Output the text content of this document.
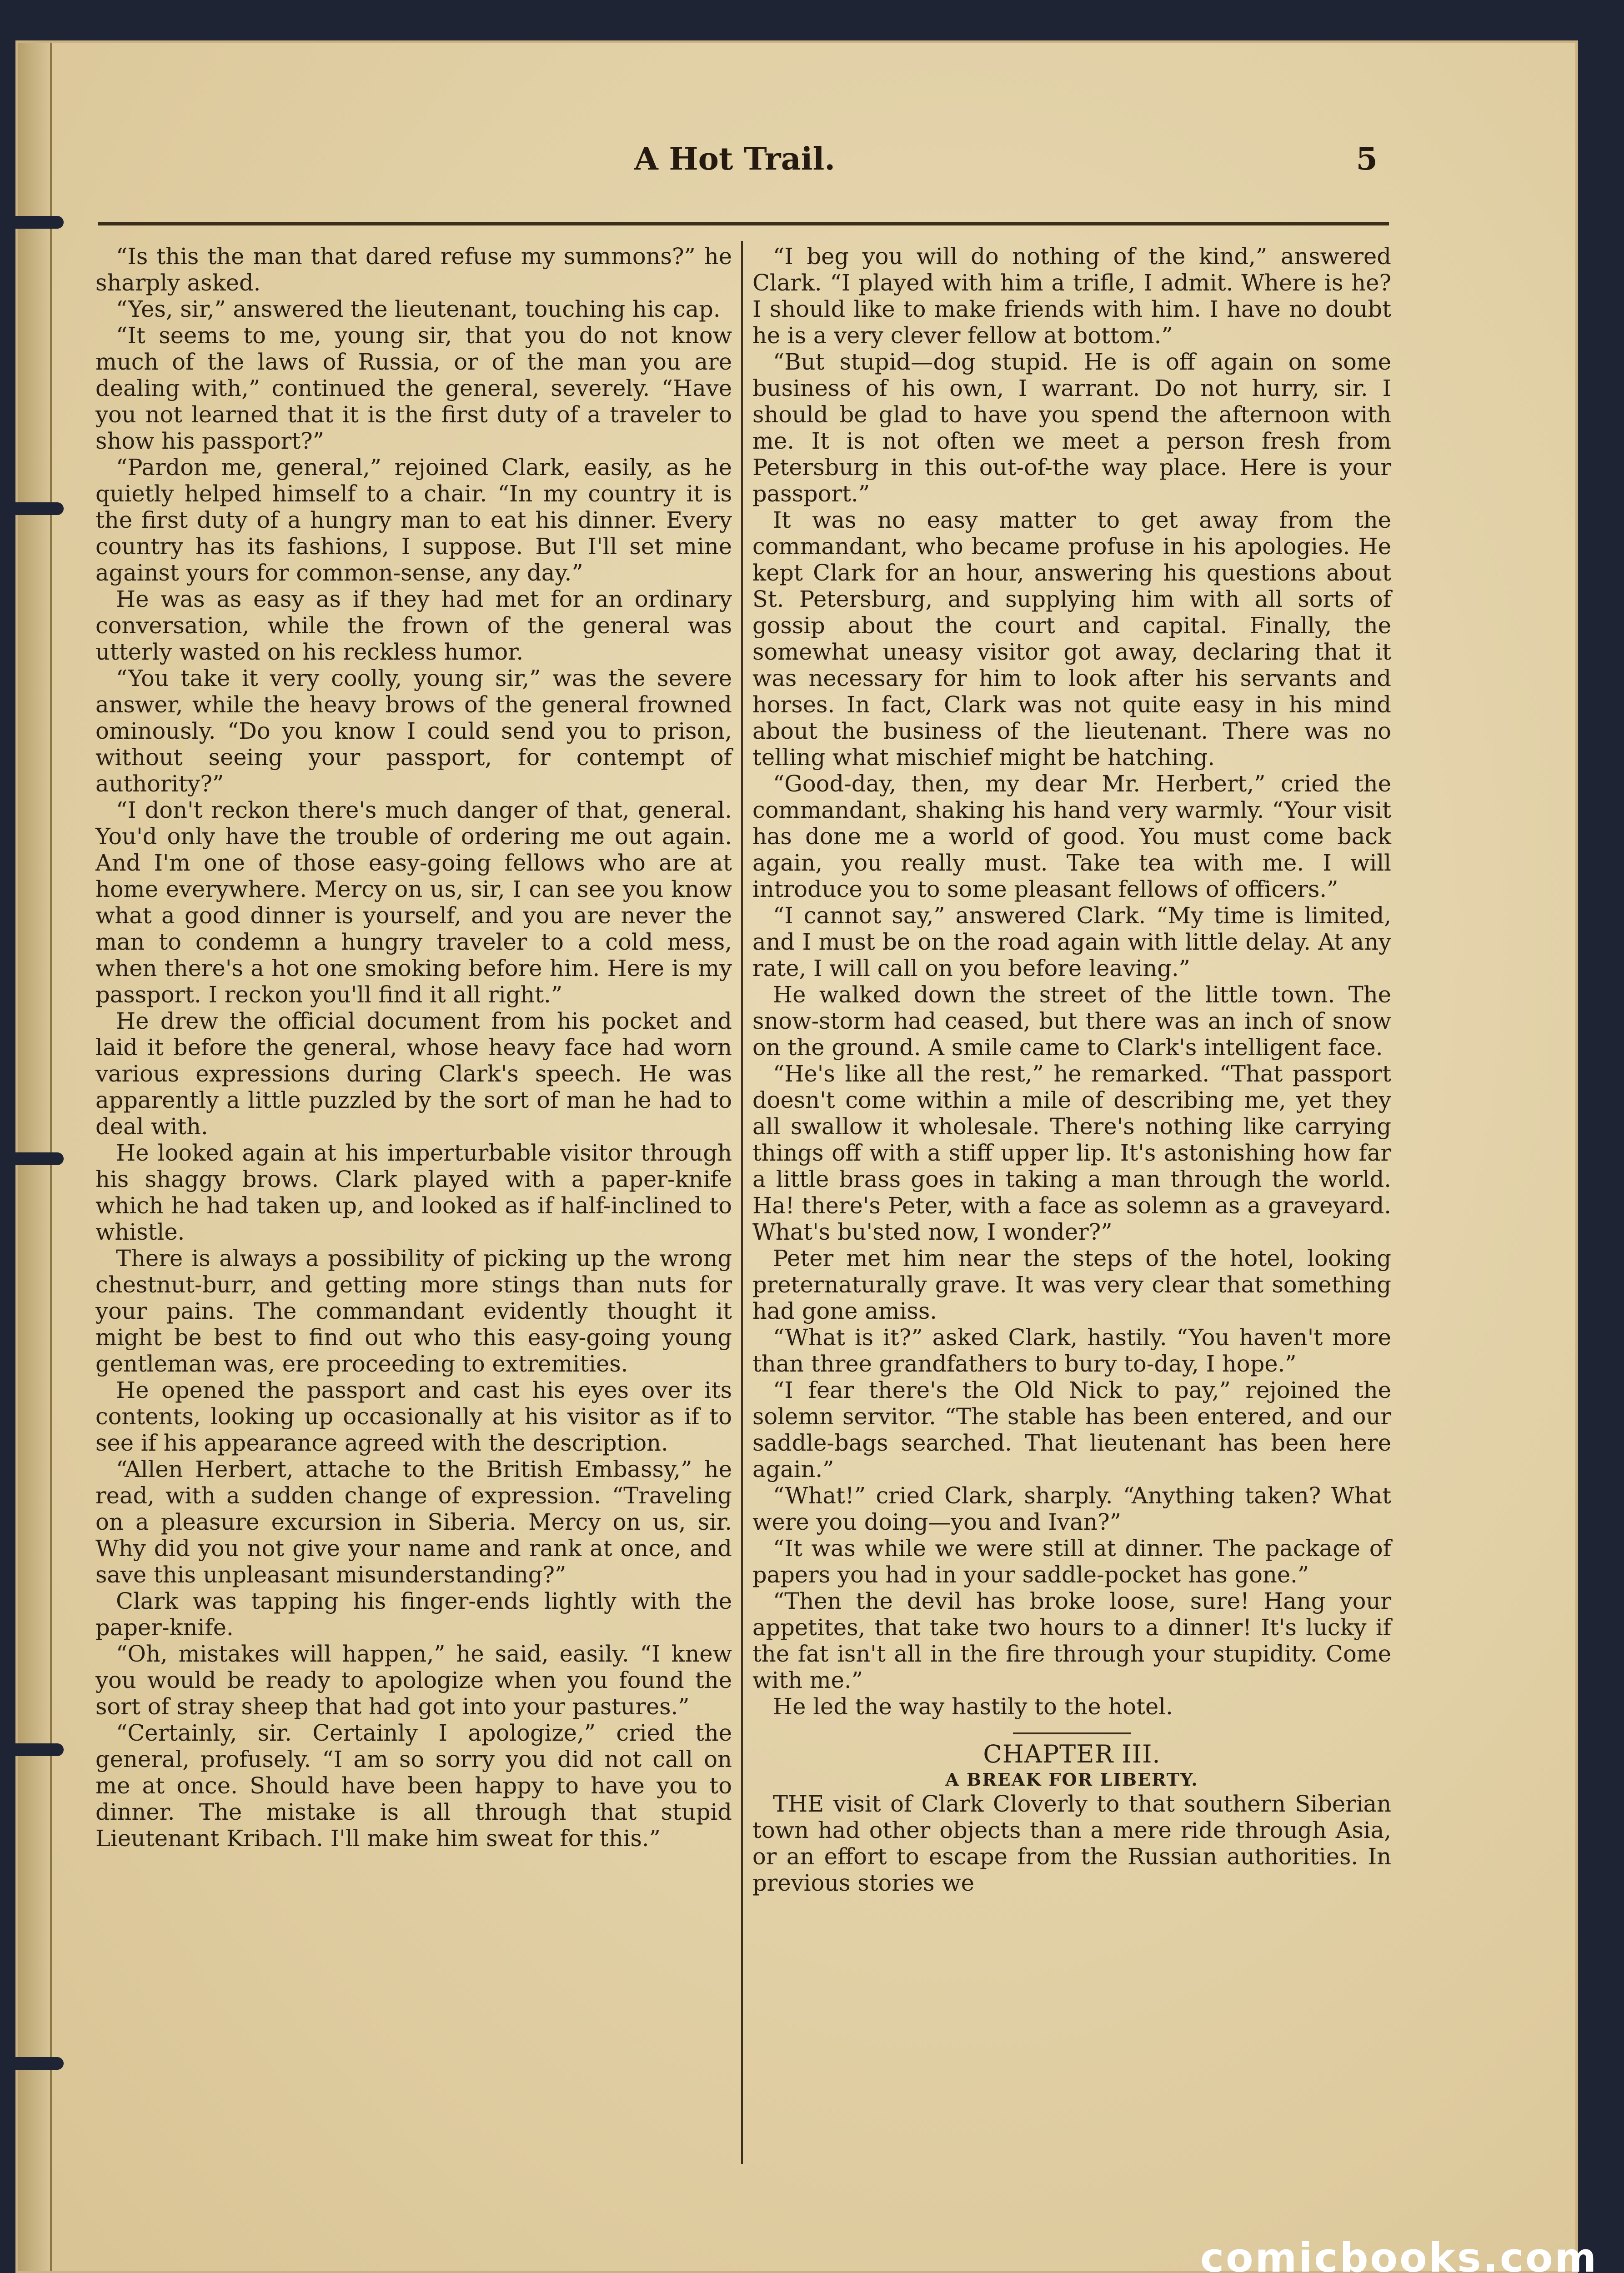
A Hot Trail.	5

“Is this the man that dared refuse my summons?” he sharply asked.

“Yes, sir,” answered the lieutenant, touching his cap.

“It seems to me, young sir, that you do not know much of the laws of Russia, or of the man you are dealing with,” continued the general, severely. “Have you not learned that it is the first duty of a traveler to show his passport?”

“Pardon me, general,” rejoined Clark, easily, as he quietly helped himself to a chair. “In my country it is the first duty of a hungry man to eat his dinner. Every country has its fashions, I suppose. But I'll set mine against yours for common-sense, any day.”

He was as easy as if they had met for an ordinary conversation, while the frown of the general was utterly wasted on his reckless humor.

“You take it very coolly, young sir,” was the severe answer, while the heavy brows of the general frowned ominously. “Do you know I could send you to prison, without seeing your passport, for contempt of authority?”

“I don't reckon there's much danger of that, general. You'd only have the trouble of ordering me out again. And I'm one of those easy-going fellows who are at home everywhere. Mercy on us, sir, I can see you know what a good dinner is yourself, and you are never the man to condemn a hungry traveler to a cold mess, when there's a hot one smoking before him. Here is my passport. I reckon you'll find it all right.”

He drew the official document from his pocket and laid it before the general, whose heavy face had worn various expressions during Clark's speech. He was apparently a little puzzled by the sort of man he had to deal with.

He looked again at his imperturbable visitor through his shaggy brows. Clark played with a paper-knife which he had taken up, and looked as if half-inclined to whistle.

There is always a possibility of picking up the wrong chestnut-burr, and getting more stings than nuts for your pains. The commandant evidently thought it might be best to find out who this easy-going young gentleman was, ere proceeding to extremities.

He opened the passport and cast his eyes over its contents, looking up occasionally at his visitor as if to see if his appearance agreed with the description.

“Allen Herbert, attache to the British Embassy,” he read, with a sudden change of expression. “Traveling on a pleasure excursion in Siberia. Mercy on us, sir. Why did you not give your name and rank at once, and save this unpleasant misunderstanding?”

Clark was tapping his finger-ends lightly with the paper-knife.

“Oh, mistakes will happen,” he said, easily. “I knew you would be ready to apologize when you found the sort of stray sheep that had got into your pastures.”

“Certainly, sir. Certainly I apologize,” cried the general, profusely. “I am so sorry you did not call on me at once. Should have been happy to have you to dinner. The mistake is all through that stupid Lieutenant Kribach. I'll make him sweat for this.”

“I beg you will do nothing of the kind,” answered Clark. “I played with him a trifle, I admit. Where is he? I should like to make friends with him. I have no doubt he is a very clever fellow at bottom.”

“But stupid—dog stupid. He is off again on some business of his own, I warrant. Do not hurry, sir. I should be glad to have you spend the afternoon with me. It is not often we meet a person fresh from Petersburg in this out-of-the way place. Here is your passport.”

It was no easy matter to get away from the commandant, who became profuse in his apologies. He kept Clark for an hour, answering his questions about St. Petersburg, and supplying him with all sorts of gossip about the court and capital. Finally, the somewhat uneasy visitor got away, declaring that it was necessary for him to look after his servants and horses. In fact, Clark was not quite easy in his mind about the business of the lieutenant. There was no telling what mischief might be hatching.

“Good-day, then, my dear Mr. Herbert,” cried the commandant, shaking his hand very warmly. “Your visit has done me a world of good. You must come back again, you really must. Take tea with me. I will introduce you to some pleasant fellows of officers.”

“I cannot say,” answered Clark. “My time is limited, and I must be on the road again with little delay. At any rate, I will call on you before leaving.”

He walked down the street of the little town. The snow-storm had ceased, but there was an inch of snow on the ground. A smile came to Clark's intelligent face.

“He's like all the rest,” he remarked. “That passport doesn't come within a mile of describing me, yet they all swallow it wholesale. There's nothing like carrying things off with a stiff upper lip. It's astonishing how far a little brass goes in taking a man through the world. Ha! there's Peter, with a face as solemn as a graveyard. What's bu'sted now, I wonder?”

Peter met him near the steps of the hotel, looking preternaturally grave. It was very clear that something had gone amiss.

“What is it?” asked Clark, hastily. “You haven't more than three grandfathers to bury to-day, I hope.”

“I fear there's the Old Nick to pay,” rejoined the solemn servitor. “The stable has been entered, and our saddle-bags searched. That lieutenant has been here again.”

“What!” cried Clark, sharply. “Anything taken? What were you doing—you and Ivan?”

“It was while we were still at dinner. The package of papers you had in your saddle-pocket has gone.”

“Then the devil has broke loose, sure! Hang your appetites, that take two hours to a dinner! It's lucky if the fat isn't all in the fire through your stupidity. Come with me.”

He led the way hastily to the hotel.

CHAPTER III.
A BREAK FOR LIBERTY.

THE visit of Clark Cloverly to that southern Siberian town had other objects than a mere ride through Asia, or an effort to escape from the Russian authorities. In previous stories we

comicbooks.com
